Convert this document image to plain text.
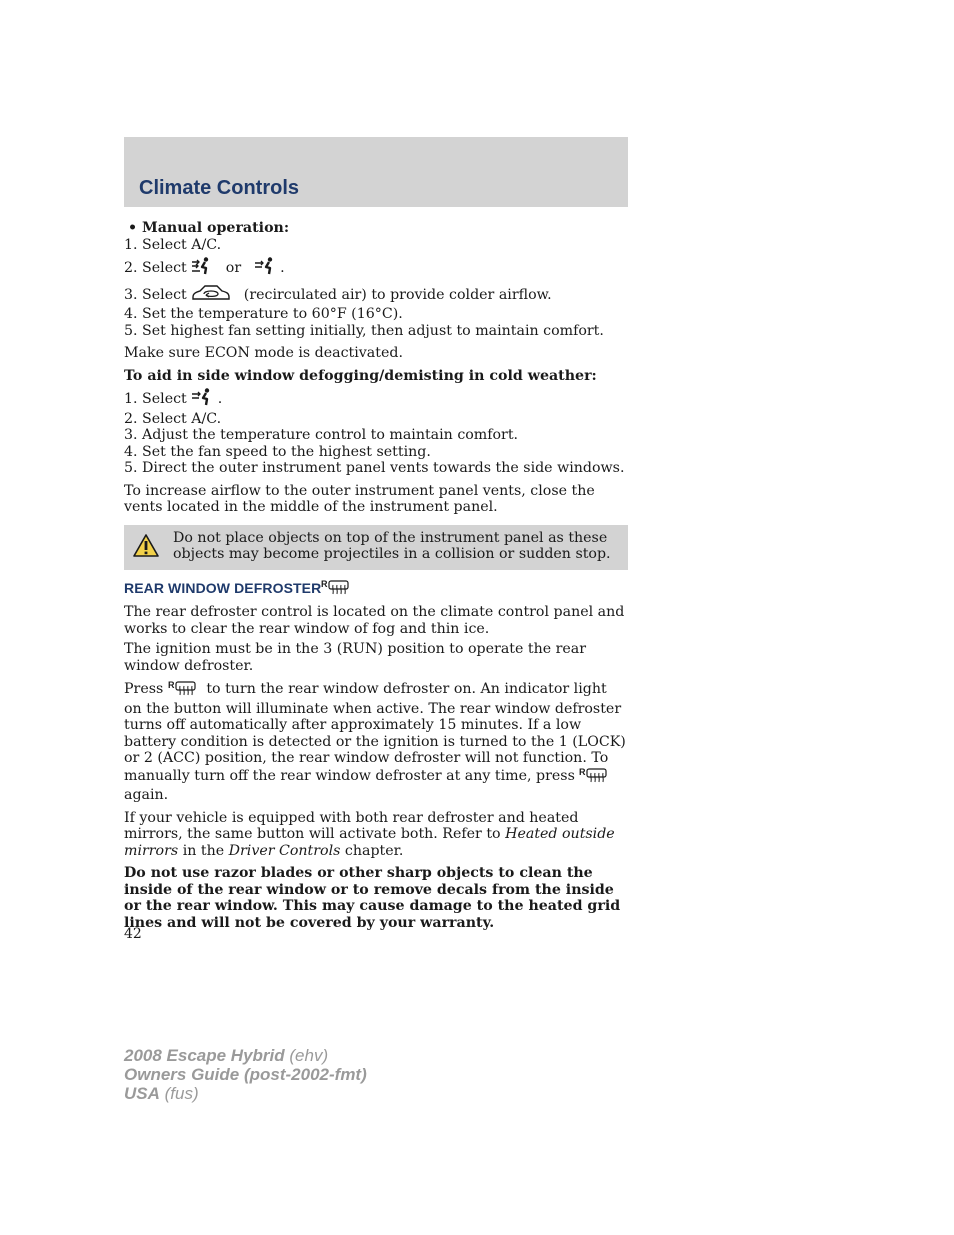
Climate Controls

• Manual operation:

1. Select A/C.

2. Select	or	.

3. Select	(recirculated air) to provide colder airflow.

4. Set the temperature to 60°F (16°C).

5. Set highest fan setting initially, then adjust to maintain comfort.

Make sure ECON mode is deactivated.

To aid in side window defogging/demisting in cold weather:

1. Select .

2. Select A/C.

3. Adjust the temperature control to maintain comfort.

4. Set the fan speed to the highest setting.

5. Direct the outer instrument panel vents towards the side windows.

To increase airflow to the outer instrument panel vents, close the vents located in the middle of the instrument panel.

Do not place objects on top of the instrument panel as these objects may become projectiles in a collision or sudden stop.

REAR WINDOW DEFROSTER R

The rear defroster control is located on the climate control panel and works to clear the rear window of fog and thin ice.

The ignition must be in the 3 (RUN) position to operate the rear window defroster.

Press R to turn the rear window defroster on. An indicator light on the button will illuminate when active. The rear window defroster turns off automatically after approximately 15 minutes. If a low battery condition is detected or the ignition is turned to the 1 (LOCK) or 2 (ACC) position, the rear window defroster will not function. To manually turn off the rear window defroster at any time, press R
again.

If your vehicle is equipped with both rear defroster and heated mirrors, the same button will activate both. Refer to Heated outside mirrors in the Driver Controls chapter.

Do not use razor blades or other sharp objects to clean the inside of the rear window or to remove decals from the inside or the rear window. This may cause damage to the heated grid lines and will not be covered by your warranty.

42
2008 Escape Hybrid (ehv)
Owners Guide (post-2002-fmt)
USA (fus)
